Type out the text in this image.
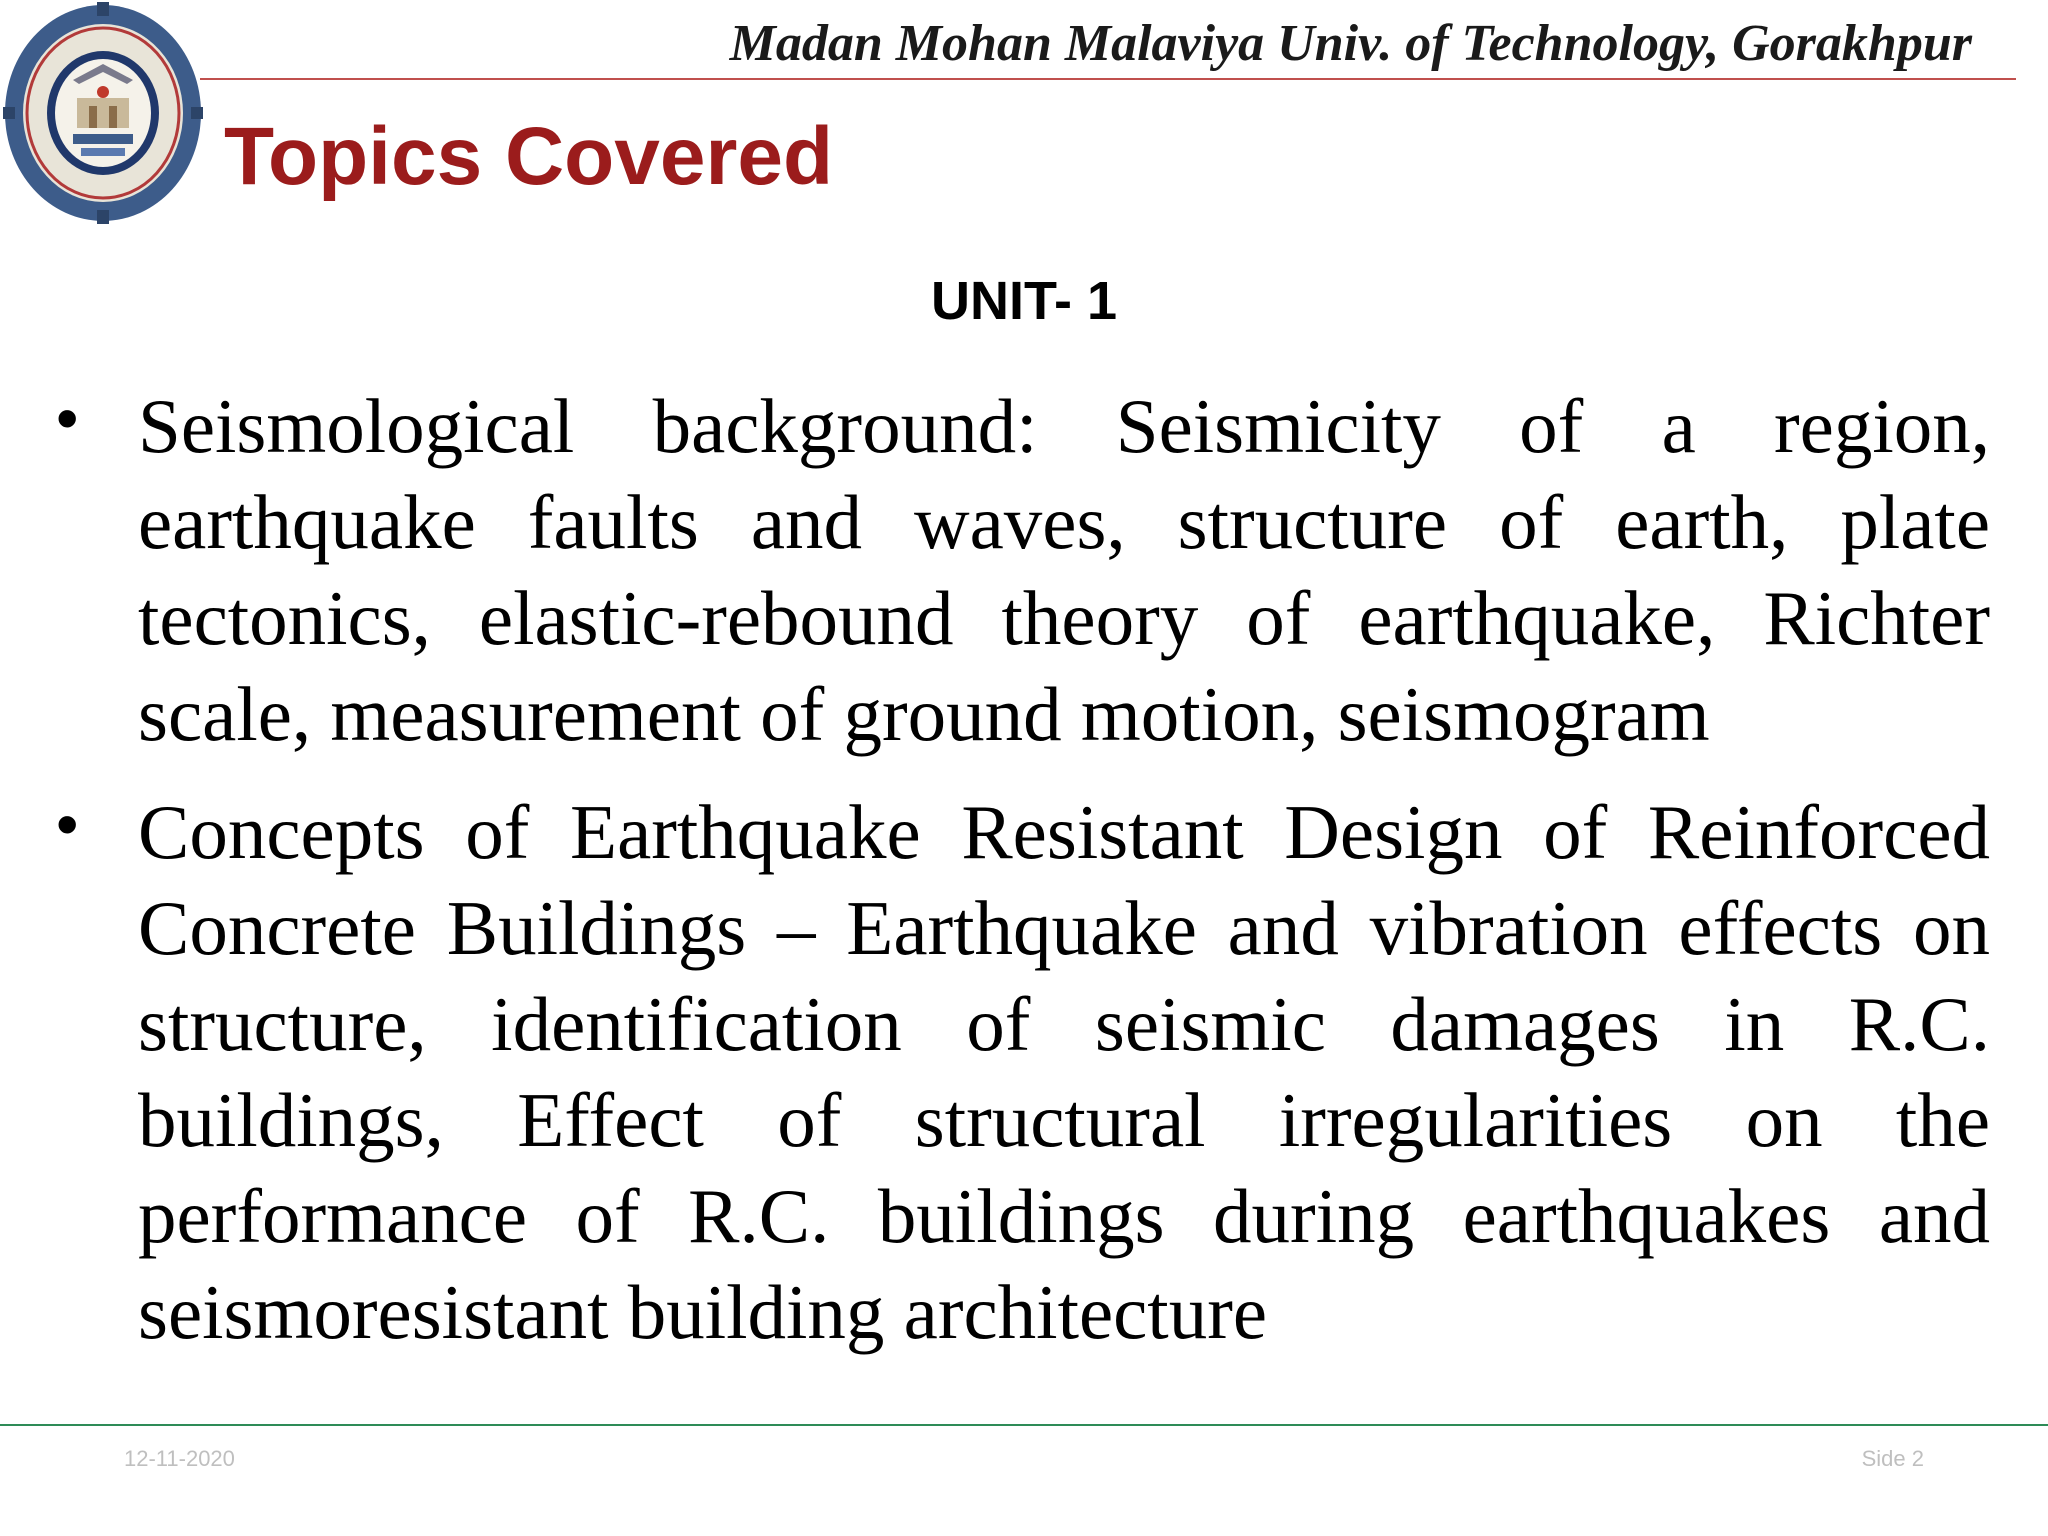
Madan Mohan Malaviya Univ. of Technology, Gorakhpur

Topics Covered
UNIT- 1
• Seismological background: Seismicity of a region, earthquake faults and waves, structure of earth, plate tectonics, elastic-rebound theory of earthquake, Richter scale, measurement of ground motion, seismogram
• Concepts of Earthquake Resistant Design of Reinforced Concrete Buildings – Earthquake and vibration effects on structure, identification of seismic damages in R.C. buildings, Effect of structural irregularities on the performance of R.C. buildings during earthquakes and seismoresistant building architecture

12-11-2020	Side 2
